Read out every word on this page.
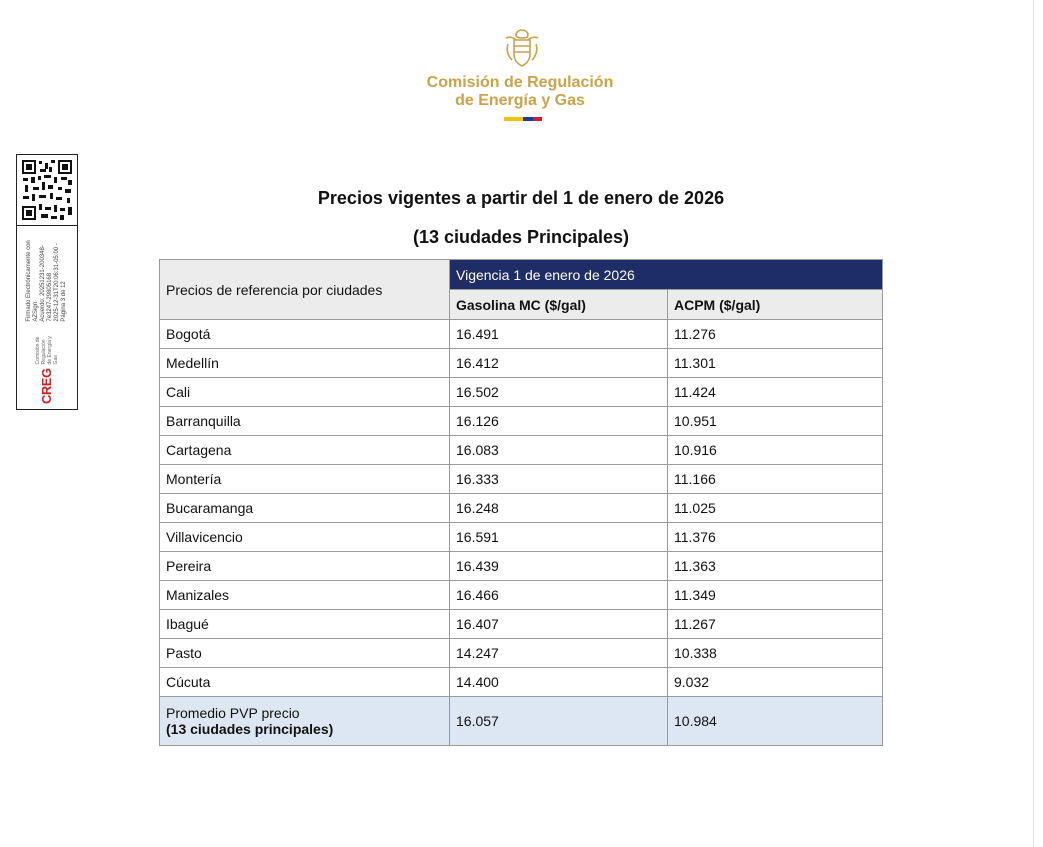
Comisión de Regulación
de Energía y Gas
CREG
Comisión de Regulación de Energía y Gas
Firmado Electrónicamente con AZSign Acuerdo: 20251231-200348-7e3247-29805168 2025-12-31T20:06:31-05:00 - Página 3 de 12
Precios vigentes a partir del 1 de enero de 2026
(13 ciudades Principales)
Precios de referencia por ciudades	Vigencia 1 de enero de 2026	
	Gasolina MC ($/gal)	ACPM ($/gal)
Bogotá	16.491	11.276
Medellín	16.412	11.301
Cali	16.502	11.424
Barranquilla	16.126	10.951
Cartagena	16.083	10.916
Montería	16.333	11.166
Bucaramanga	16.248	11.025
Villavicencio	16.591	11.376
Pereira	16.439	11.363
Manizales	16.466	11.349
Ibagué	16.407	11.267
Pasto	14.247	10.338
Cúcuta	14.400	9.032

Promedio PVP precio
(13 ciudades principales)	16.057	10.984
